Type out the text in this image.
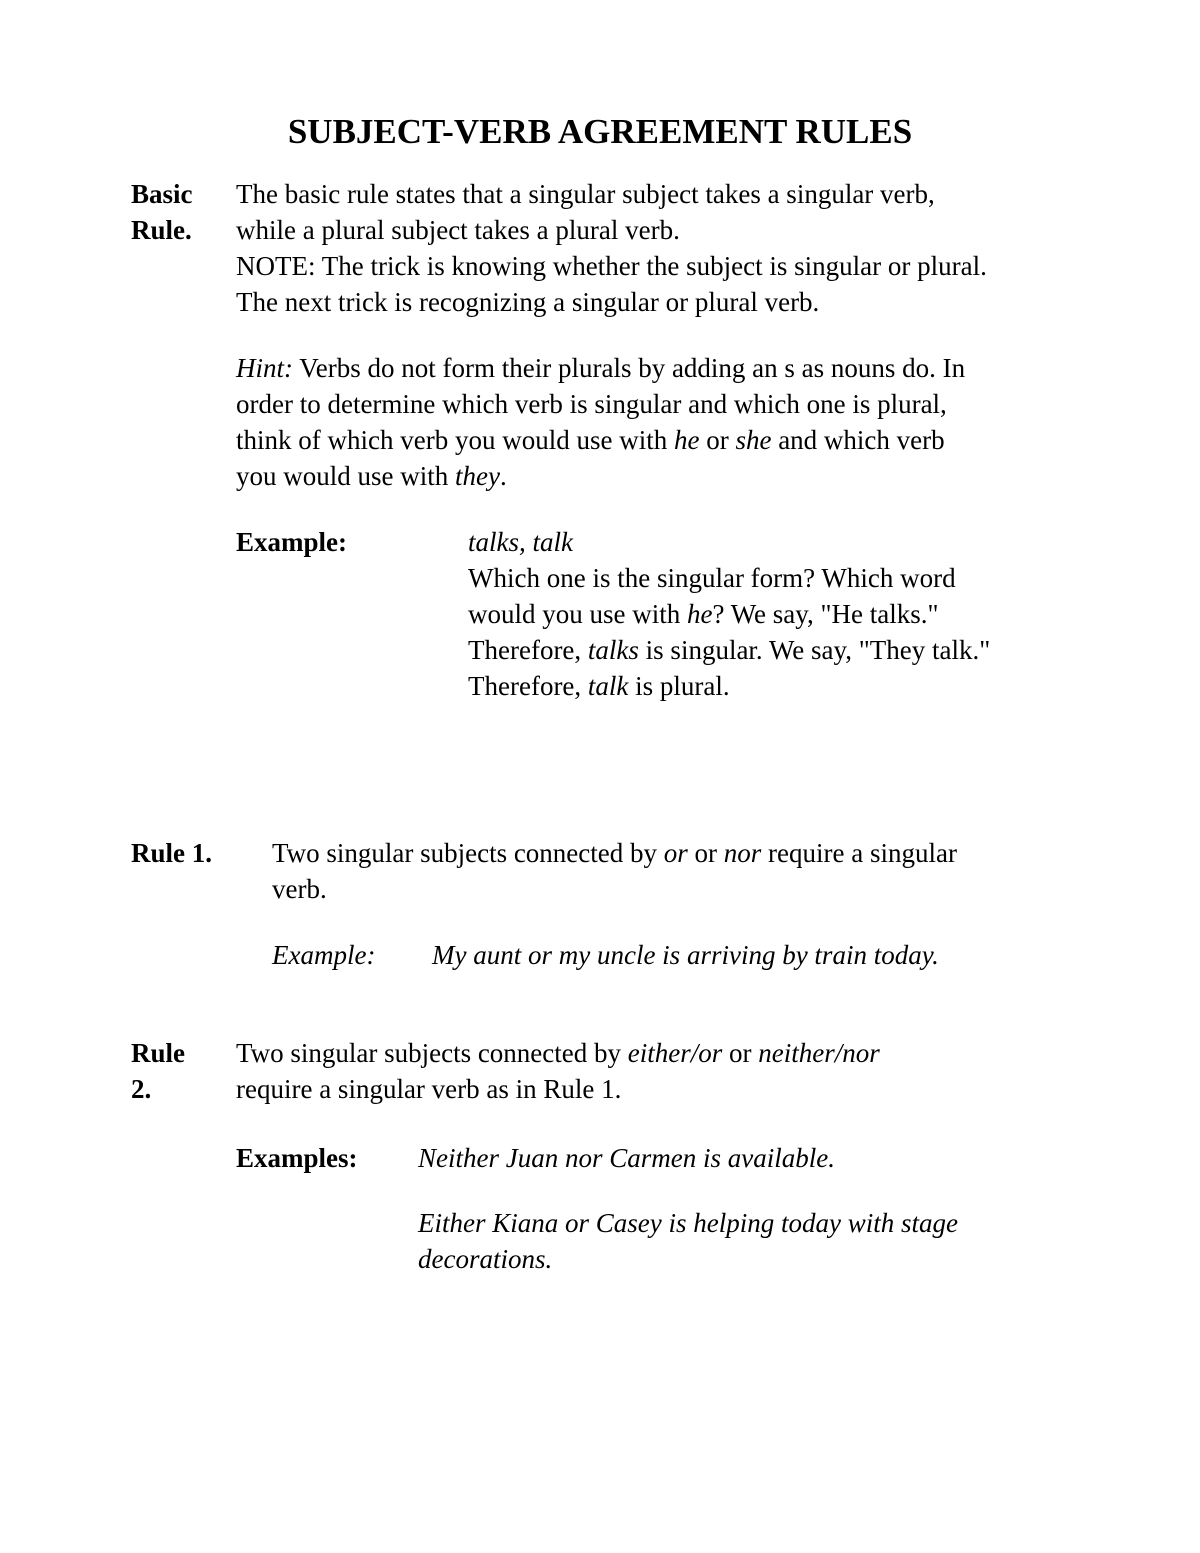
SUBJECT-VERB AGREEMENT RULES
Basic
Rule.
The basic rule states that a singular subject takes a singular verb,
while a plural subject takes a plural verb.
NOTE: The trick is knowing whether the subject is singular or plural.
The next trick is recognizing a singular or plural verb.
Hint: Verbs do not form their plurals by adding an s as nouns do. In
order to determine which verb is singular and which one is plural,
think of which verb you would use with he or she and which verb
you would use with they.
Example:	talks, talk
Which one is the singular form? Which word
would you use with he? We say, "He talks."
Therefore, talks is singular. We say, "They talk."
Therefore, talk is plural.
Rule 1. Two singular subjects connected by or or nor require a singular
verb.
Example: My aunt or my uncle is arriving by train today.
Rule
2.
Two singular subjects connected by either/or or neither/nor
require a singular verb as in Rule 1.
Examples: Neither Juan nor Carmen is available.
Either Kiana or Casey is helping today with stage
decorations.
